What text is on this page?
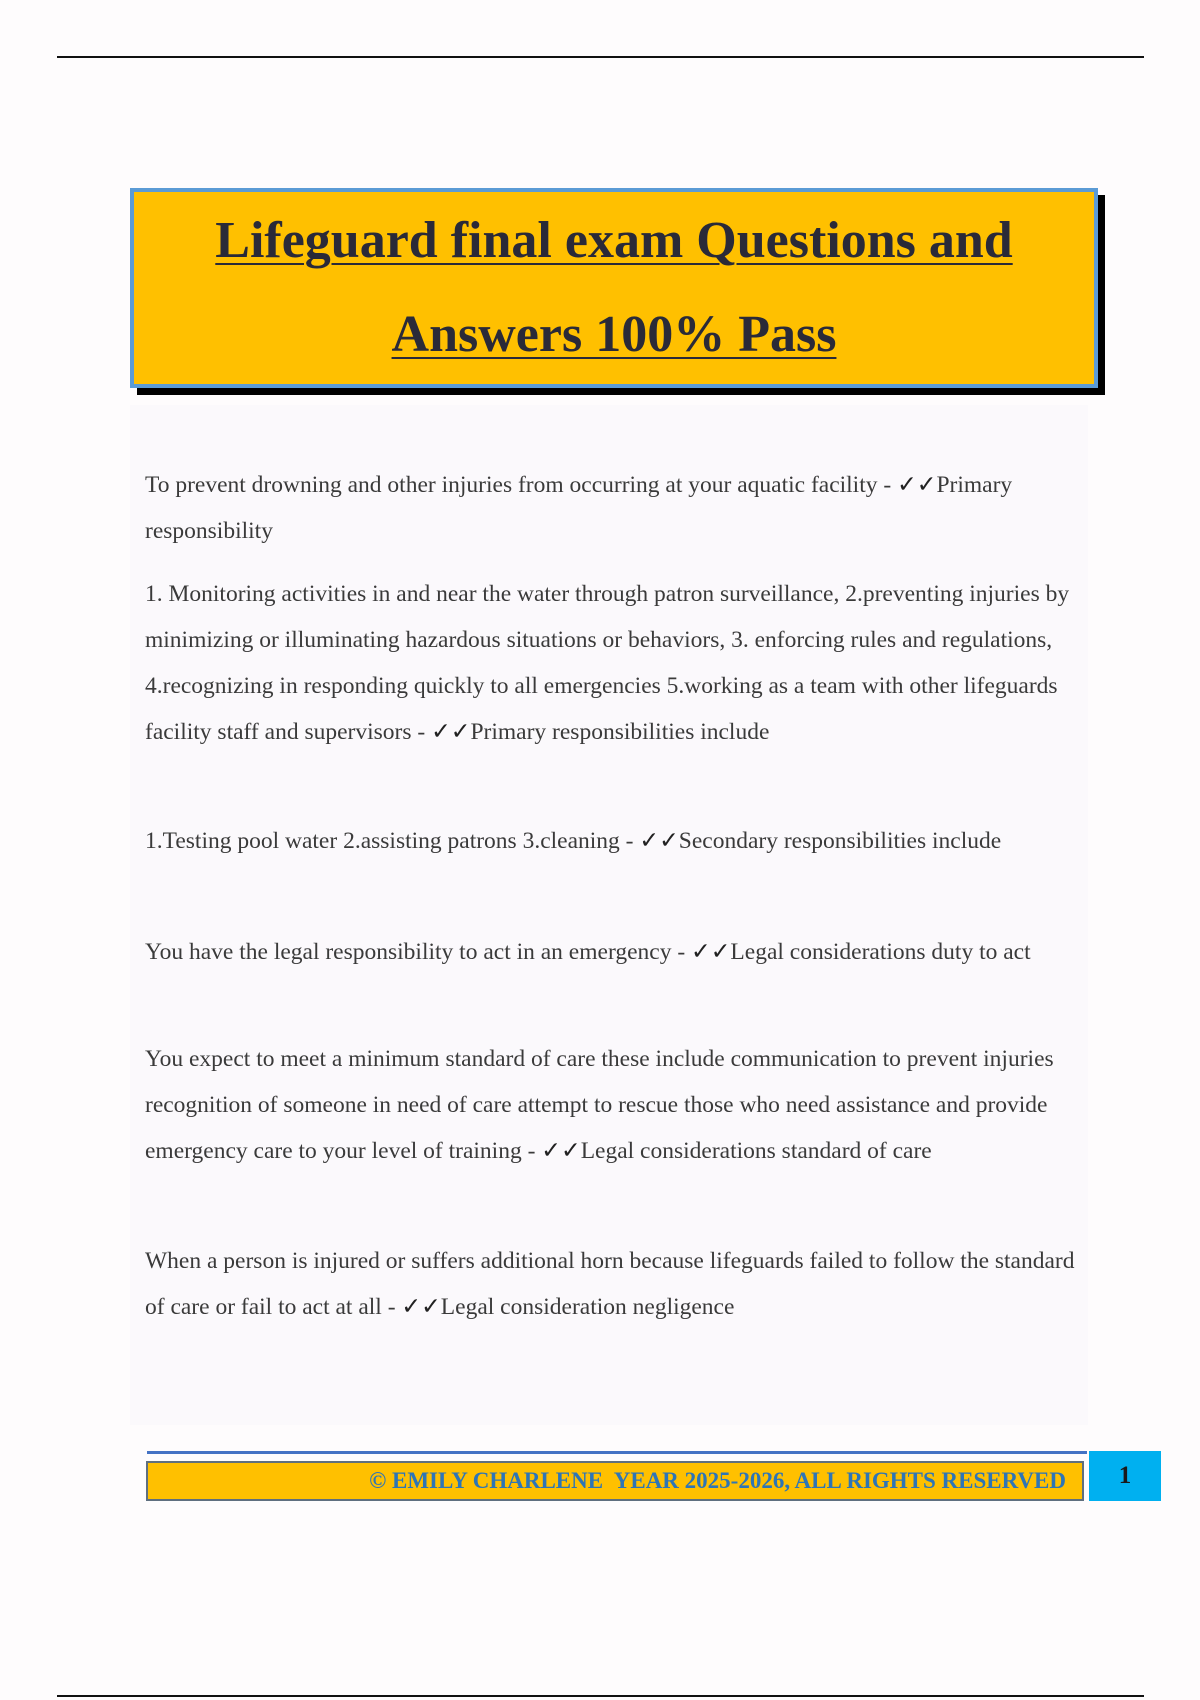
Lifeguard final exam Questions and
Answers 100% Pass

To prevent drowning and other injuries from occurring at your aquatic facility - ✓✓Primary responsibility

1. Monitoring activities in and near the water through patron surveillance, 2.preventing injuries by minimizing or illuminating hazardous situations or behaviors, 3. enforcing rules and regulations, 4.recognizing in responding quickly to all emergencies 5.working as a team with other lifeguards facility staff and supervisors - ✓✓Primary responsibilities include

1.Testing pool water 2.assisting patrons 3.cleaning - ✓✓Secondary responsibilities include

You have the legal responsibility to act in an emergency - ✓✓Legal considerations duty to act

You expect to meet a minimum standard of care these include communication to prevent injuries recognition of someone in need of care attempt to rescue those who need assistance and provide emergency care to your level of training - ✓✓Legal considerations standard of care

When a person is injured or suffers additional horn because lifeguards failed to follow the standard of care or fail to act at all - ✓✓Legal consideration negligence

© EMILY CHARLENE  YEAR 2025-2026, ALL RIGHTS RESERVED	1
